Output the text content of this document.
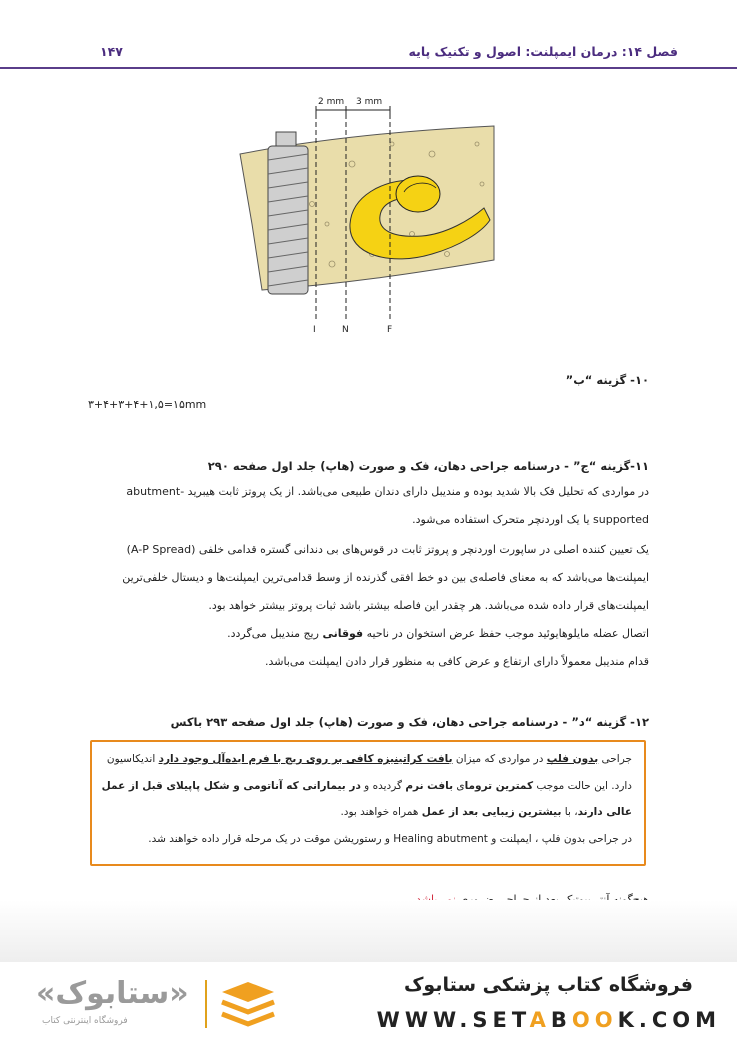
فصل ۱۴: درمان ایمپلنت: اصول و تکنیک پایه
۱۴۷
2 mm 3 mm
I	N	F
۱۰- گزینه “ب”
۳+۴+۳+۴+۱,۵=۱۵mm
۱۱-گزینه “ج” - درسنامه جراحی دهان، فک و صورت (هاپ) جلد اول صفحه ۲۹۰
در مواردی که تحلیل فک بالا شدید بوده و مندیبل دارای دندان طبیعی می‌باشد. از یک پروتز ثابت هیبرید -abutment
supported یا یک اوردنچر متحرک استفاده می‌شود.
یک تعیین کننده اصلی در ساپورت اوردنچر و پروتز ثابت در قوس‌های بی دندانی گستره قدامی خلفی (A-P Spread)
ایمپلنت‌ها می‌باشد که به معنای فاصله‌ی بین دو خط افقی گذرنده از وسط قدامی‌ترین ایمپلنت‌ها و دیستال خلفی‌ترین
ایمپلنت‌های قرار داده شده می‌باشد. هر چقدر این فاصله بیشتر باشد ثبات پروتز بیشتر خواهد بود.
اتصال عضله مایلوهایوئید موجب حفظ عرض استخوان در ناحیه فوقانی ریج مندیبل می‌گردد.
قدام مندیبل معمولاً دارای ارتفاع و عرض کافی به منظور قرار دادن ایمپلنت می‌باشد.
۱۲- گزینه “د” - درسنامه جراحی دهان، فک و صورت (هاپ) جلد اول صفحه ۲۹۳ باکس
جراحی بدون فلپ در مواردی که میزان بافت کراتینیزه کافی بر روی ریج با فرم ایده‌آل وجود دارد اندیکاسیون
دارد. این حالت موجب کمترین ترومای بافت نرم گردیده و در بیمارانی که آناتومی و شکل پاپیلای قبل از عمل
عالی دارند، با بیشترین زیبایی بعد از عمل همراه خواهند بود.
در جراحی بدون فلپ ، ایمپلنت و Healing abutment و رستوریشن موقت در یک مرحله قرار داده خواهند شد.
«ستابوک»
فروشگاه اینترنتی کتاب
فروشگاه کتاب پزشکی ستابوک
WWW.SETABOOK.COM
